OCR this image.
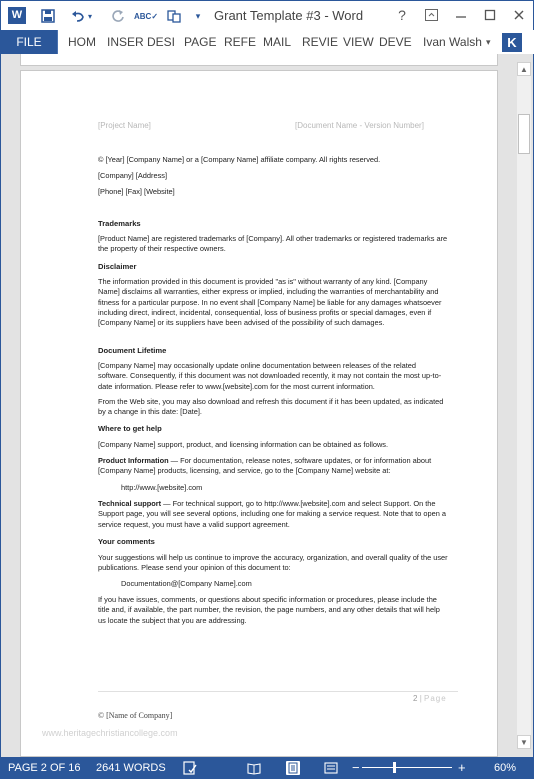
W	▾	ABC✓	▾ Grant Template #3 - Word	?
FILE	HOM INSER DESI PAGE REFE MAIL REVIE VIEW DEVE Ivan Walsh ▾	K
[Project Name]	[Document Name - Version Number]
© [Year] [Company Name] or a [Company Name] affiliate company. All rights reserved.
[Company] [Address]
[Phone] [Fax] [Website]
Trademarks
[Product Name] are registered trademarks of [Company]. All other trademarks or registered trademarks are the property of their respective owners.
Disclaimer
The information provided in this document is provided "as is" without warranty of any kind. [Company Name] disclaims all warranties, either express or implied, including the warranties of merchantability and fitness for a particular purpose. In no event shall [Company Name] be liable for any damages whatsoever including direct, indirect, incidental, consequential, loss of business profits or special damages, even if [Company Name] or its suppliers have been advised of the possibility of such damages.
Document Lifetime
[Company Name] may occasionally update online documentation between releases of the related software. Consequently, if this document was not downloaded recently, it may not contain the most up-to-date information. Please refer to www.[website].com for the most current information.
From the Web site, you may also download and refresh this document if it has been updated, as indicated by a change in this date: [Date].
Where to get help
[Company Name] support, product, and licensing information can be obtained as follows.
Product Information — For documentation, release notes, software updates, or for information about [Company Name] products, licensing, and service, go to the [Company Name] website at:
http://www.[website].com
Technical support — For technical support, go to http://www.[website].com and select Support. On the Support page, you will see several options, including one for making a service request. Note that to open a service request, you must have a valid support agreement.
Your comments
Your suggestions will help us continue to improve the accuracy, organization, and overall quality of the user publications. Please send your opinion of this document to:
Documentation@[Company Name].com
If you have issues, comments, or questions about specific information or procedures, please include the title and, if available, the part number, the revision, the page numbers, and any other details that will help us locate the subject that you are addressing.
2 | Page
© [Name of Company]
www.heritagechristiancollege.com
▲
▼
PAGE 2 OF 16 2641 WORDS	−	+	60%
